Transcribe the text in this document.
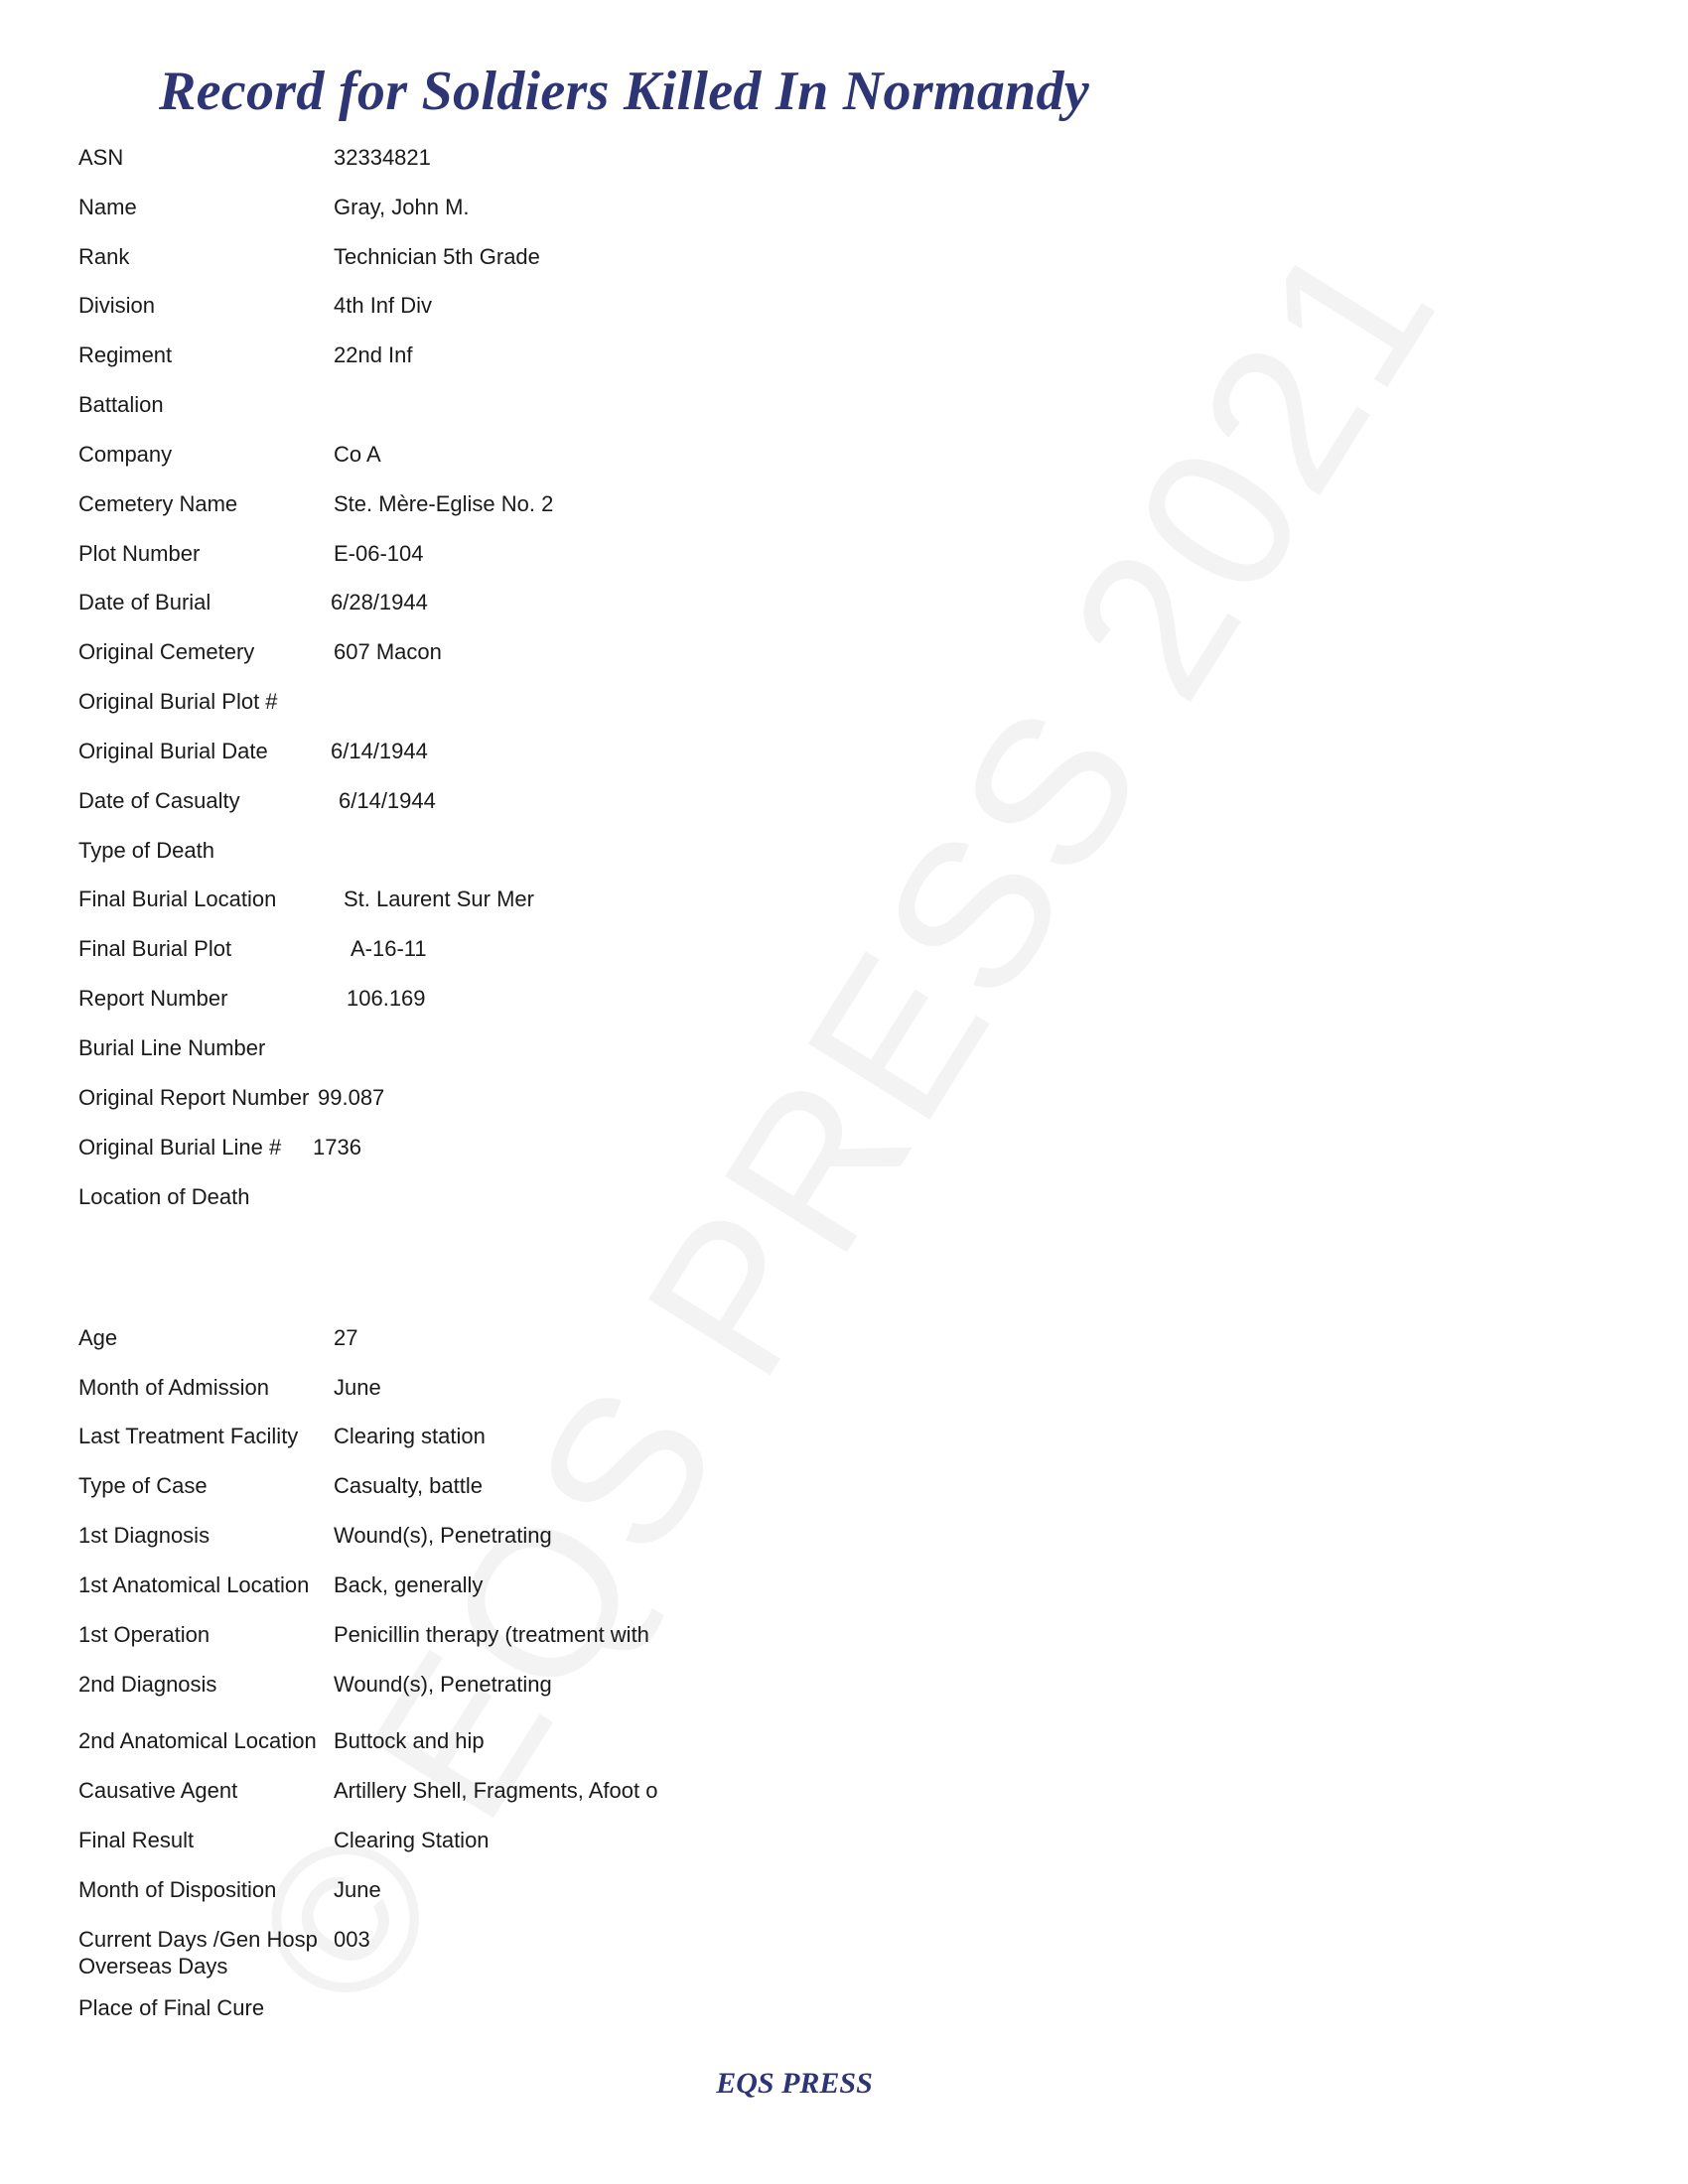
Record for Soldiers Killed In Normandy
ASN	32334821
Name	Gray, John M.
Rank	Technician 5th Grade
Division	4th Inf Div
Regiment	22nd Inf
Battalion
Company	Co A
Cemetery Name	Ste. Mère-Eglise No. 2
Plot Number	E-06-104
Date of Burial	6/28/1944
Original Cemetery	607 Macon
Original Burial Plot #
Original Burial Date	6/14/1944
Date of Casualty	6/14/1944
Type of Death
Final Burial Location	St. Laurent Sur Mer
Final Burial Plot	A-16-11
Report Number	106.169
Burial Line Number
Original Report Number 99.087
Original Burial Line # 1736
Location of Death
Age	27
Month of Admission	June
Last Treatment Facility Clearing station
Type of Case	Casualty, battle
1st Diagnosis	Wound(s), Penetrating
1st Anatomical Location Back, generally
1st Operation	Penicillin therapy (treatment with
2nd Diagnosis	Wound(s), Penetrating
2nd Anatomical Location Buttock and hip
Causative Agent	Artillery Shell, Fragments, Afoot o
Final Result	Clearing Station
Month of Disposition	June
Current Days /Gen Hosp 003
Overseas Days
Place of Final Cure
EQS PRESS
